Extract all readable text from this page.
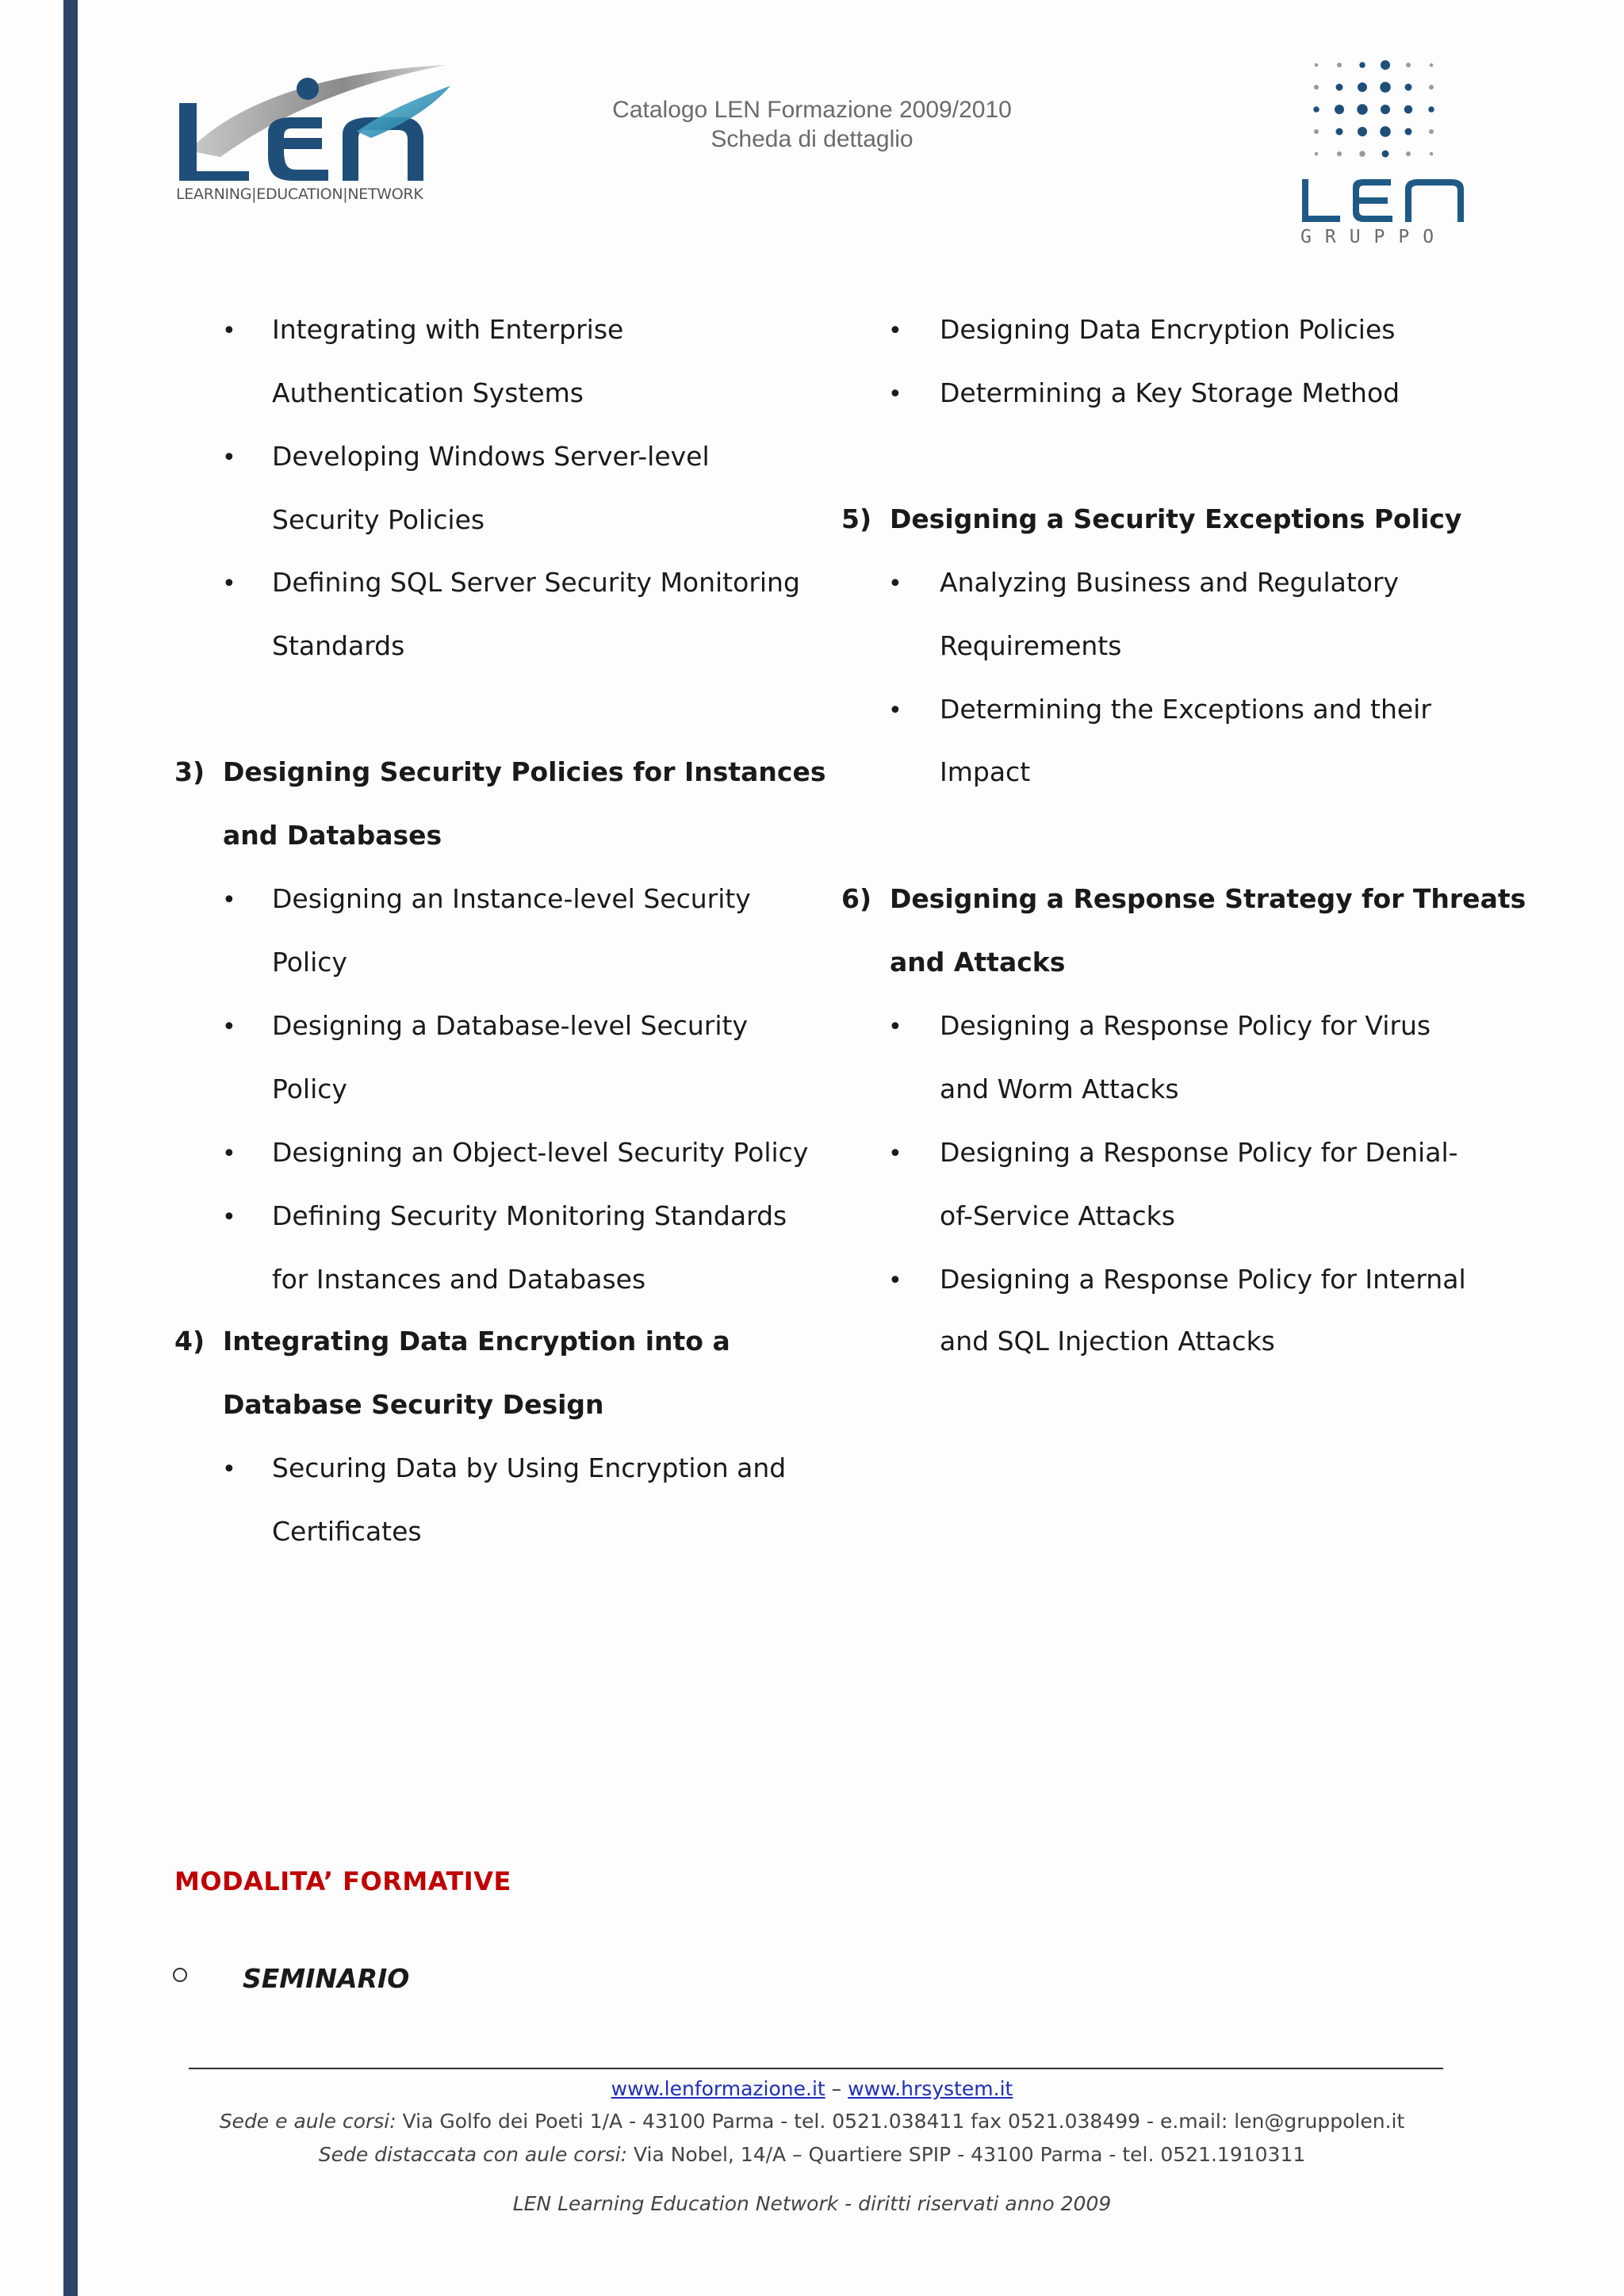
LEARNING|EDUCATION|NETWORK
Catalogo LEN Formazione 2009/2010
Scheda di dettaglio
GRUPPO
• Integrating with Enterprise
Authentication Systems
• Developing Windows Server-level
Security Policies
• Defining SQL Server Security Monitoring
Standards
3) Designing Security Policies for Instances
and Databases
• Designing an Instance-level Security
Policy
• Designing a Database-level Security
Policy
• Designing an Object-level Security Policy
• Defining Security Monitoring Standards
for Instances and Databases
4) Integrating Data Encryption into a
Database Security Design
• Securing Data by Using Encryption and
Certificates
• Designing Data Encryption Policies
• Determining a Key Storage Method
5) Designing a Security Exceptions Policy
• Analyzing Business and Regulatory
Requirements
• Determining the Exceptions and their
Impact
6) Designing a Response Strategy for Threats
and Attacks
• Designing a Response Policy for Virus
and Worm Attacks
• Designing a Response Policy for Denial-
of-Service Attacks
• Designing a Response Policy for Internal
and SQL Injection Attacks
MODALITA’ FORMATIVE
SEMINARIO
www.lenformazione.it – www.hrsystem.it
Sede e aule corsi: Via Golfo dei Poeti 1/A - 43100 Parma - tel. 0521.038411 fax 0521.038499 - e.mail: len@gruppolen.it
Sede distaccata con aule corsi: Via Nobel, 14/A – Quartiere SPIP - 43100 Parma - tel. 0521.1910311
LEN Learning Education Network - diritti riservati anno 2009
